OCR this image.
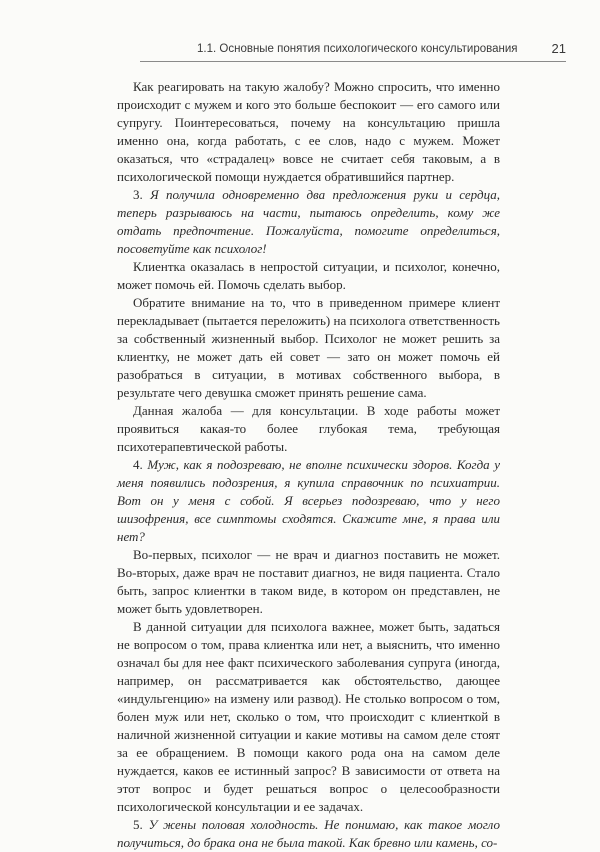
1.1. Основные понятия психологического консультирования	21

Как реагировать на такую жалобу? Можно спросить, что именно происходит с мужем и кого это больше беспокоит — его самого или супругу. Поинтересоваться, почему на консультацию пришла именно она, когда работать, с ее слов, надо с мужем. Может оказаться, что «страдалец» вовсе не считает себя таковым, а в психологической помощи нуждается обратившийся партнер.

3. Я получила одновременно два предложения руки и сердца, теперь разрываюсь на части, пытаюсь определить, кому же отдать предпочтение. Пожалуйста, помогите определиться, посоветуйте как психолог!

Клиентка оказалась в непростой ситуации, и психолог, конечно, может помочь ей. Помочь сделать выбор.

Обратите внимание на то, что в приведенном примере клиент перекладывает (пытается переложить) на психолога ответственность за собственный жизненный выбор. Психолог не может решить за клиентку, не может дать ей совет — зато он может помочь ей разобраться в ситуации, в мотивах собственного выбора, в результате чего девушка сможет принять решение сама.

Данная жалоба — для консультации. В ходе работы может проявиться какая-то более глубокая тема, требующая психотерапевтической работы.

4. Муж, как я подозреваю, не вполне психически здоров. Когда у меня появились подозрения, я купила справочник по психиатрии. Вот он у меня с собой. Я всерьез подозреваю, что у него шизофрения, все симптомы сходятся. Скажите мне, я права или нет?

Во-первых, психолог — не врач и диагноз поставить не может. Во-вторых, даже врач не поставит диагноз, не видя пациента. Стало быть, запрос клиентки в таком виде, в котором он представлен, не может быть удовлетворен.

В данной ситуации для психолога важнее, может быть, задаться не вопросом о том, права клиентка или нет, а выяснить, что именно означал бы для нее факт психического заболевания супруга (иногда, например, он рассматривается как обстоятельство, дающее «индульгенцию» на измену или развод). Не столько вопросом о том, болен муж или нет, сколько о том, что происходит с клиенткой в наличной жизненной ситуации и какие мотивы на самом деле стоят за ее обращением. В помощи какого рода она на самом деле нуждается, каков ее истинный запрос? В зависимости от ответа на этот вопрос и будет решаться вопрос о целесообразности психологической консультации и ее задачах.

5. У жены половая холодность. Не понимаю, как такое могло получиться, до брака она не была такой. Как бревно или камень, со-
